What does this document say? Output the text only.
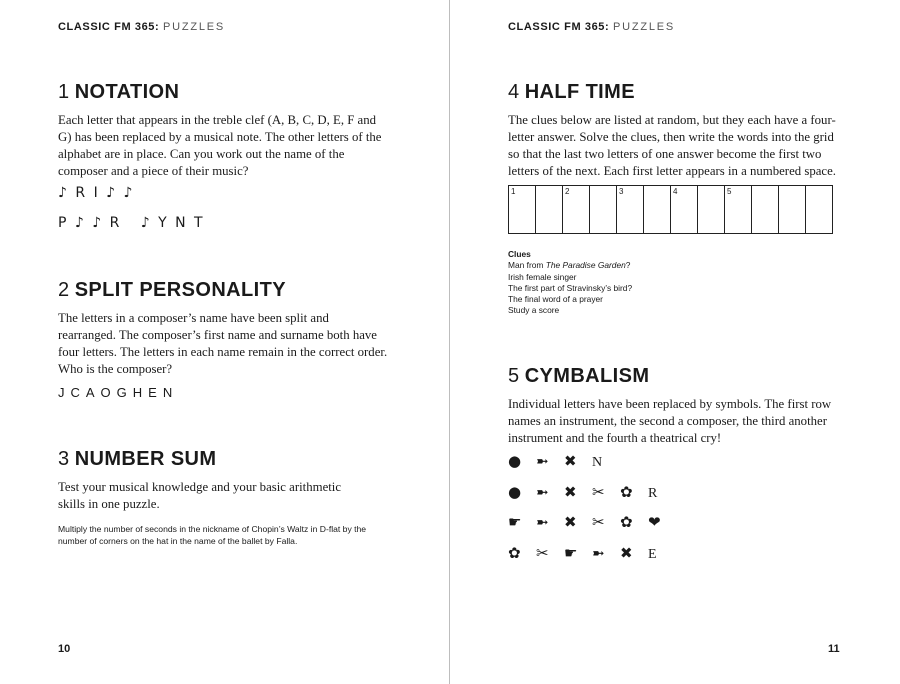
CLASSIC FM 365: PUZZLES
1 NOTATION

Each letter that appears in the treble clef (A, B, C, D, E, F and G) has been replaced by a musical note. The other letters of the alphabet are in place. Can you work out the name of the composer and a piece of their music?

♪ R I ♪ ♪
P ♪ ♪ R   ♪ Y N T
2 SPLIT PERSONALITY

The letters in a composer’s name have been split and rearranged. The composer’s first name and surname both have four letters. The letters in each name remain in the correct order. Who is the composer?

JCAOGHEN
3 NUMBER SUM

Test your musical knowledge and your basic arithmetic skills in one puzzle.

Multiply the number of seconds in the nickname of Chopin’s Waltz in D-flat by the number of corners on the hat in the name of the ballet by Falla.
10
CLASSIC FM 365: PUZZLES
4 HALF TIME

The clues below are listed at random, but they each have a four-letter answer. Solve the clues, then write the words into the grid so that the last two letters of one answer become the first two letters of the next. Each first letter appears in a numbered space.

1	2	3	4	5
Clues
Man from The Paradise Garden?
Irish female singer
The first part of Stravinsky’s bird?
The final word of a prayer
Study a score
5 CYMBALISM

Individual letters have been replaced by symbols. The first row names an instrument, the second a composer, the third another instrument and the fourth a theatrical cry!

● ➼ ✖ N
● ➼ ✖ ✂ ✿ R
☛ ➼ ✖ ✂ ✿ ❤
✿ ✂ ☛ ➼ ✖ E
11
